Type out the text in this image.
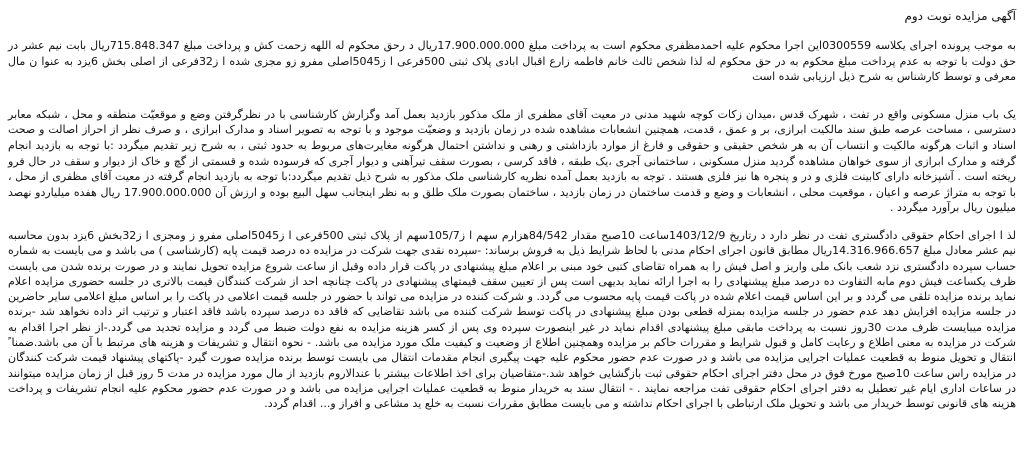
آگهی مزایده نوبت دوم
به موجب پرونده اجرای یکلاسه 0300559این اجرا محکوم علیه احمدمظفری محکوم است به پرداخت مبلغ 17.900.000.000ریال د رحق محکوم له اللهه زحمت کش و پرداخت مبلغ 715.848.347ریال بابت نیم عشر در حق دولت با توجه به عدم پرداخت مبلغ محکوم به در حق محکوم له لذا شخص ثالث خانم فاطمه زارع اقبال ابادی پلاک ثبتی 500فرعی ا ز5045اصلی مفرو زو مجزی شده ا ز32فرعی از اصلی بخش 6یزد به عنوا ن مال معرفی و توسط کارشناس به شرح ذیل ارزیابی شده است
یک باب منزل مسکونی واقع در تفت ، شهرک قدس ،میدان زکات کوچه شهید مدنی در معیت آقای مظفری از ملک مذکور بازدید بعمل آمد وگزارش کارشناسی با در نظرگرفتن وضع و موقعیّت منطقه و محل ، شبکه معابر دسترسی ، مساحت عرصه طبق سند مالکیت ابرازی، بر و عمق ، قدمت، همچنین انشعابات مشاهده شده در زمان بازدید و وضعیّت موجود و با توجه به تصویر اسناد و مدارک ابرازی ، و صرف نظر از احراز اصالت و صحت اسناد و اثبات هرگونه مالکیت و انتساب آن به هر شخص حقیقی و حقوقی و فارغ از موارد بازداشتی و رهنی و نداشتن احتمال هرگونه مغایرت‌های مربوط به حدود ثبتی ، به شرح زیر تقدیم میگردد :با توجه به بازدید انجام گرفته و مدارک ابرازی از سوی خواهان مشاهده گردید منزل مسکونی ، ساختمانی آجری ،یک طبقه ، فاقد کرسی ، بصورت سقف تیرآهنی و دیوار آجری که فرسوده شده و قسمتی از گچ و خاک از دیوار و سقف در حال فرو ریخته است . آشپزخانه دارای کابینت فلزی و در و پنجره ها نیز فلزی هستند . توجه به بازدید بعمل آمده نظریه کارشناسی ملک مذکور به شرح ذیل تقدیم میگردد:با توجه به بازدید انجام گرفته در معیت آقای مظفری از محل ، با توجه به متراژ عرصه و اعیان ، موقعیت محلی ، انشعابات و وضع و قدمت ساختمان در زمان بازدید ، ساختمان بصورت ملک طلق و به نظر اینجانب سهل البیع بوده و ارزش آن 17.900.000.000 ریال هفده میلیاردو نهصد میلیون ریال برآورد میگردد .
لذ ا اجرای احکام حقوقی دادگستری تفت در نظر دارد د رتاریخ 1403/12/9ساعت 10صبح مقدار 84/542هزارم سهم ا ز105/7سهم از پلاک ثبتی 500فرعی ا ز5045اصلی مفرو ز ومجزی ا ز32بخش 6یزد بدون محاسبه نیم عشر معادل مبلغ 14.316.966.657ریال مطابق قانون اجرای احکام مدنی با لحاظ شرایط ذیل به فروش برساند: -سپرده نقدی جهت شرکت در مزایده ده درصد قیمت پایه (کارشناسی ) می باشد و می بایست به شماره حساب سپرده دادگستری نزد شعب بانک ملی واریز و اصل فیش را به همراه تقاضای کتبی خود مبنی بر اعلام مبلغ پیشنهادی در پاکت قرار داده وقبل از ساعت شروع مزایده تحویل نمایند و در صورت برنده شدن می بایست ظرف یکساعت فیش دوم مابه التفاوت ده درصد مبلغ پیشنهادی را به اجرا ارائه نماید بدیهی است پس از تعیین سقف قیمتهای پیشنهادی در پاکت چنانچه احد از شرکت کنندگان قیمت بالاتری در جلسه حضوری مزایده اعلام نماید برنده مزایده تلقی می گردد و بر این اساس قیمت اعلام شده در پاکت قیمت پایه محسوب می گردد. و شرکت کننده در مزایده می تواند با حضور در جلسه قیمت اعلامی در پاکت را بر اساس مبلغ اعلامی سایر حاضرین در جلسه مزایده افزایش دهد عدم حضور در جلسه مزایده بمنزله قطعی بودن مبلغ پیشنهادی در پاکت توسط شرکت کننده می باشد تقاضایی که فاقد ده درصد سپرده باشد فاقد اعتبار و ترتیب اثر داده نخواهد شد -برنده مزایده میبایست ظرف مدت 30روز نسبت به پرداخت مابقی مبلغ پیشنهادی اقدام نماید در غیر اینصورت سپرده وی پس از کسر هزینه مزایده به نفع دولت ضبط می گردد و مزایده تجدید می گردد.-از نظر اجرا اقدام به شرکت در مزایده به معنی اطلاع و رعایت کامل و قبول شرایط و مقررات حاکم بر مزایده وهمچنین اطلاع از وضعیت و کیفیت ملک مورد مزایده می باشد. - نحوه انتقال و تشریفات و هزینه های مرتبط با آن می باشد.ضمنا ً انتقال و تحویل منوط به قطعیت عملیات اجرایی مزایده می باشد و در صورت عدم حضور محکوم علیه جهت پیگیری انجام مقدمات انتقال می بایست توسط برنده مزایده صورت گیرد -پاکتهای پیشنهاد قیمت شرکت کنندگان در مزایده راس ساعت 10صبح مورخ فوق در محل دفتر اجرای احکام حقوقی ثبت بازگشایی خواهد شد.-متقاضیان برای اخذ اطلاعات بیشتر با عندالاروم بازدید از مال مورد مزایده در مدت 5 روز قبل از زمان مزایده میتوانند در ساعات اداری ایام غیر تعطیل به دفتر اجرای احکام حقوقی تفت مراجعه نمایند . - انتقال سند به خریدار منوط به قطعیت عملیات اجرایی مزایده می باشد و در صورت عدم حضور محکوم علیه انجام تشریفات و پرداخت هزینه های قانونی توسط خریدار می باشد و تحویل ملک ارتباطی با اجرای احکام نداشته و می بایست مطابق مقررات نسبت به خلع ید مشاعی و افراز و... اقدام گردد.
